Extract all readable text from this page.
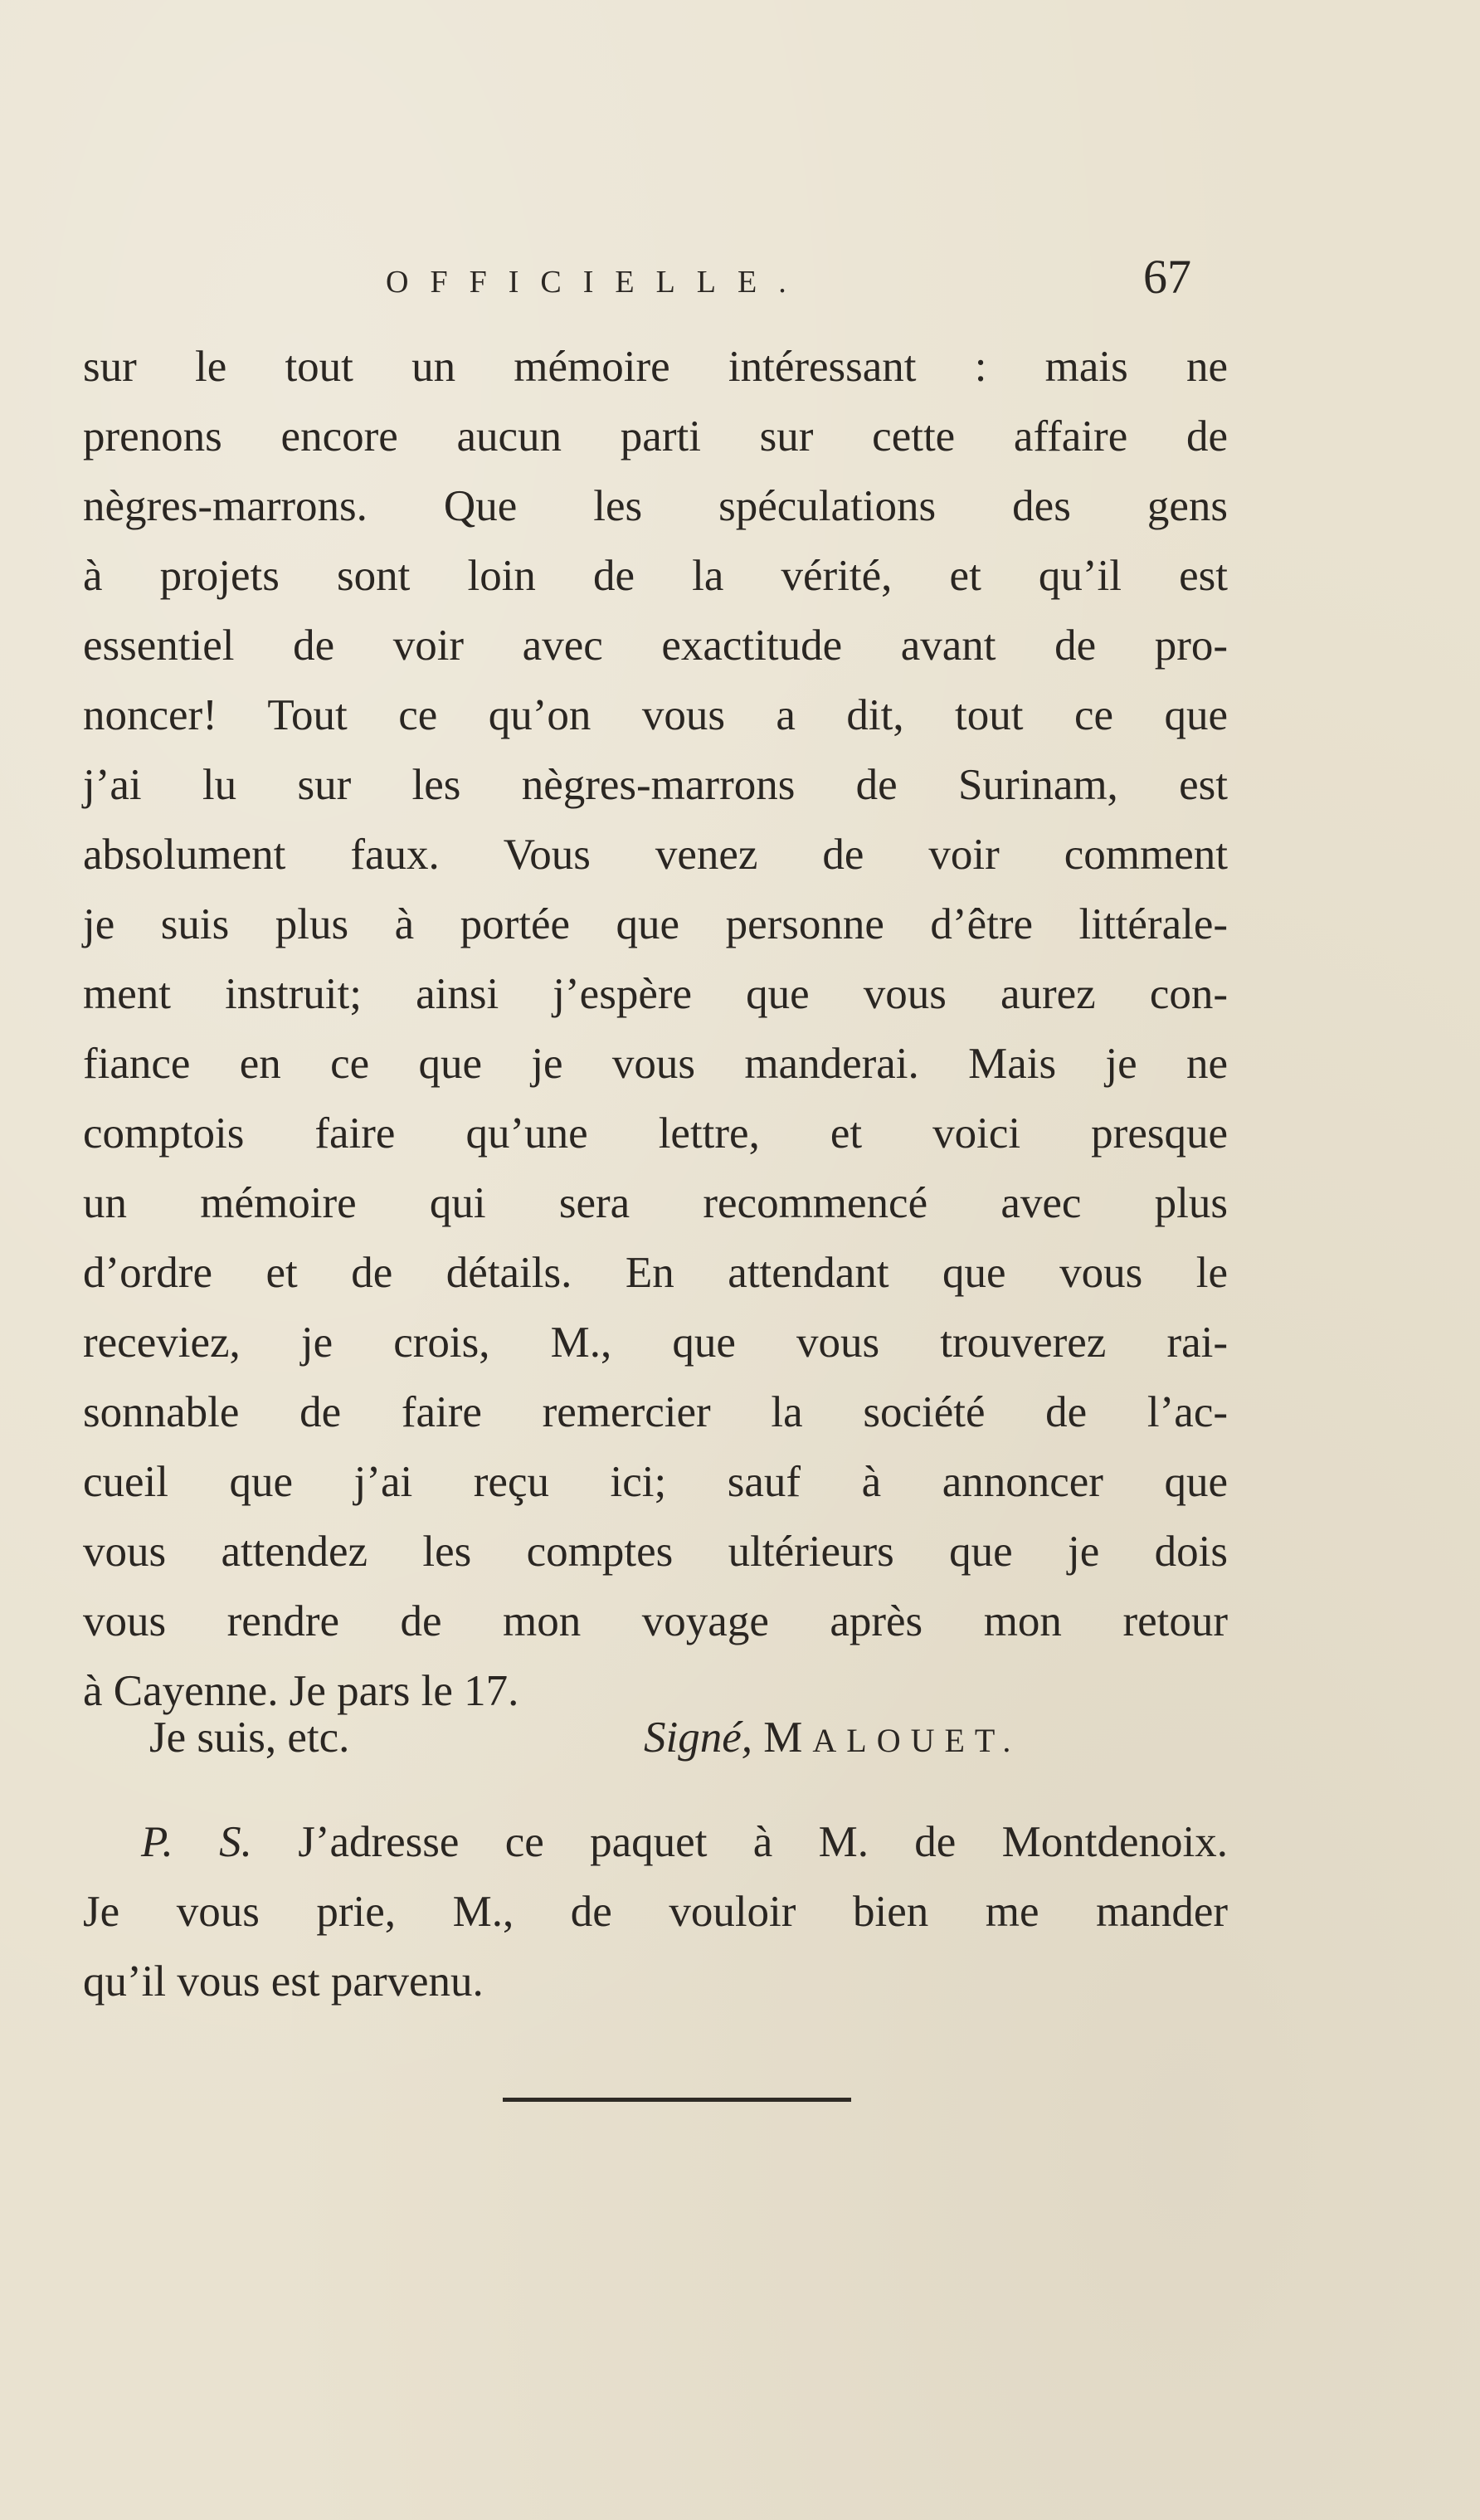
OFFICIELLE.	67
sur le tout un mémoire intéressant : mais ne
prenons encore aucun parti sur cette affaire de
nègres-marrons. Que les spéculations des gens
à projets sont loin de la vérité, et qu’il est
essentiel de voir avec exactitude avant de pro-
noncer! Tout ce qu’on vous a dit, tout ce que
j’ai lu sur les nègres-marrons de Surinam, est
absolument faux. Vous venez de voir comment
je suis plus à portée que personne d’être littérale-
ment instruit; ainsi j’espère que vous aurez con-
fiance en ce que je vous manderai. Mais je ne
comptois faire qu’une lettre, et voici presque
un mémoire qui sera recommencé avec plus
d’ordre et de détails. En attendant que vous le
receviez, je crois, M., que vous trouverez rai-
sonnable de faire remercier la société de l’ac-
cueil que j’ai reçu ici; sauf à annoncer que
vous attendez les comptes ultérieurs que je dois
vous rendre de mon voyage après mon retour
à Cayenne. Je pars le 17.
Je suis, etc.	Signé, MALOUET.
P. S. J’adresse ce paquet à M. de Montdenoix.
Je vous prie, M., de vouloir bien me mander
qu’il vous est parvenu.
